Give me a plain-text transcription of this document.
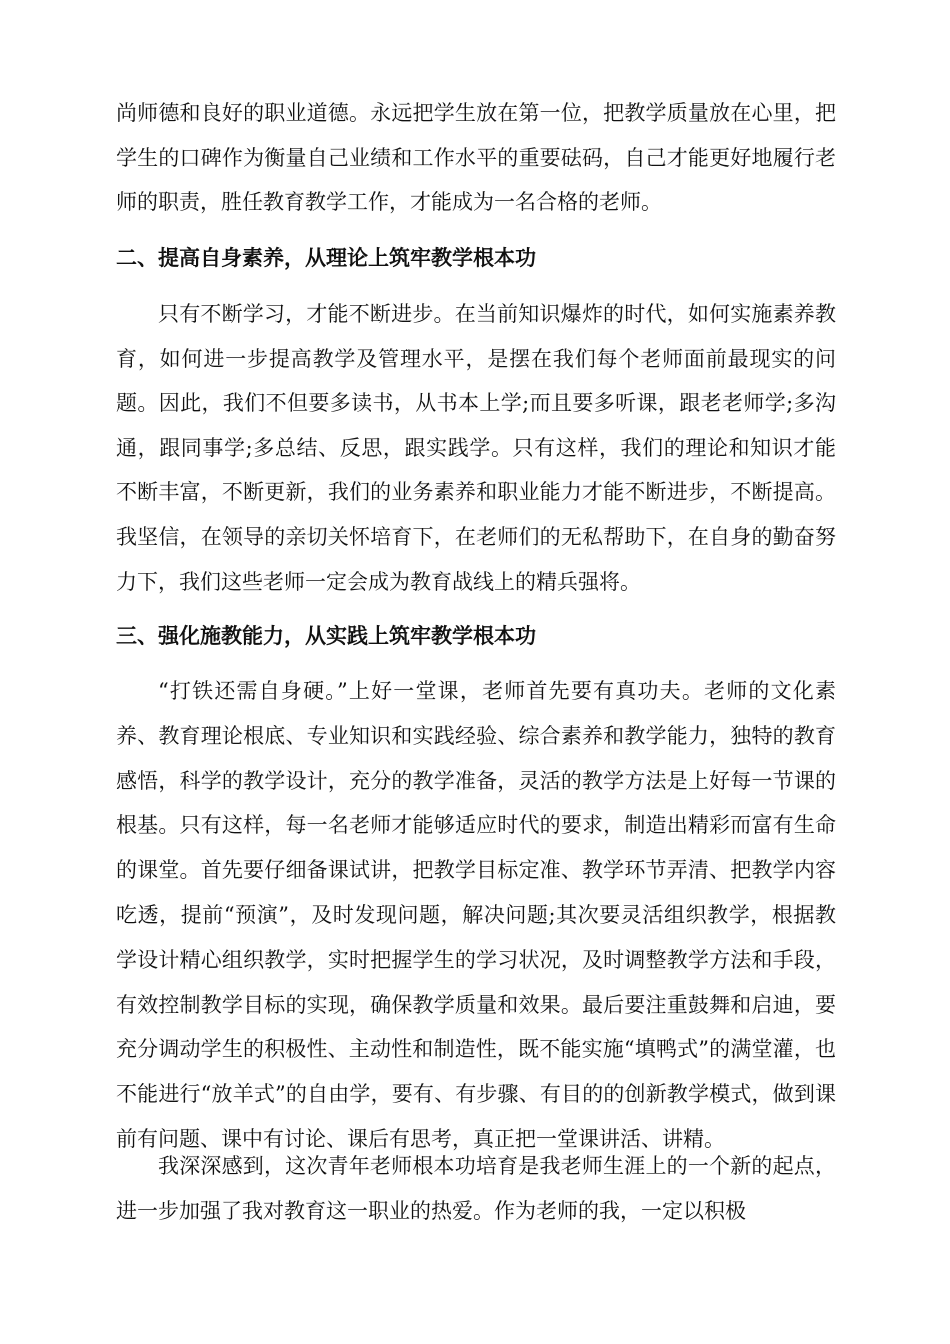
尚师德和良好的职业道德。永远把学生放在第一位，把教学质量放在心里，把学生的口碑作为衡量自己业绩和工作水平的重要砝码，自己才能更好地履行老师的职责，胜任教育教学工作，才能成为一名合格的老师。
二、提高自身素养，从理论上筑牢教学根本功
只有不断学习，才能不断进步。在当前知识爆炸的时代，如何实施素养教育，如何进一步提高教学及管理水平，是摆在我们每个老师面前最现实的问题。因此，我们不但要多读书，从书本上学;而且要多听课，跟老老师学;多沟通，跟同事学;多总结、反思，跟实践学。只有这样，我们的理论和知识才能不断丰富，不断更新，我们的业务素养和职业能力才能不断进步，不断提高。我坚信，在领导的亲切关怀培育下，在老师们的无私帮助下，在自身的勤奋努力下，我们这些老师一定会成为教育战线上的精兵强将。
三、强化施教能力，从实践上筑牢教学根本功
“打铁还需自身硬。”上好一堂课，老师首先要有真功夫。老师的文化素养、教育理论根底、专业知识和实践经验、综合素养和教学能力，独特的教育感悟，科学的教学设计，充分的教学准备，灵活的教学方法是上好每一节课的根基。只有这样，每一名老师才能够适应时代的要求，制造出精彩而富有生命的课堂。首先要仔细备课试讲，把教学目标定准、教学环节弄清、把教学内容吃透，提前“预演”，及时发现问题，解决问题;其次要灵活组织教学，根据教学设计精心组织教学，实时把握学生的学习状况，及时调整教学方法和手段，有效控制教学目标的实现，确保教学质量和效果。最后要注重鼓舞和启迪，要充分调动学生的积极性、主动性和制造性，既不能实施“填鸭式”的满堂灌，也不能进行“放羊式”的自由学，要有、有步骤、有目的的创新教学模式，做到课前有问题、课中有讨论、课后有思考，真正把一堂课讲活、讲精。
我深深感到，这次青年老师根本功培育是我老师生涯上的一个新的起点，进一步加强了我对教育这一职业的热爱。作为老师的我，一定以积极
